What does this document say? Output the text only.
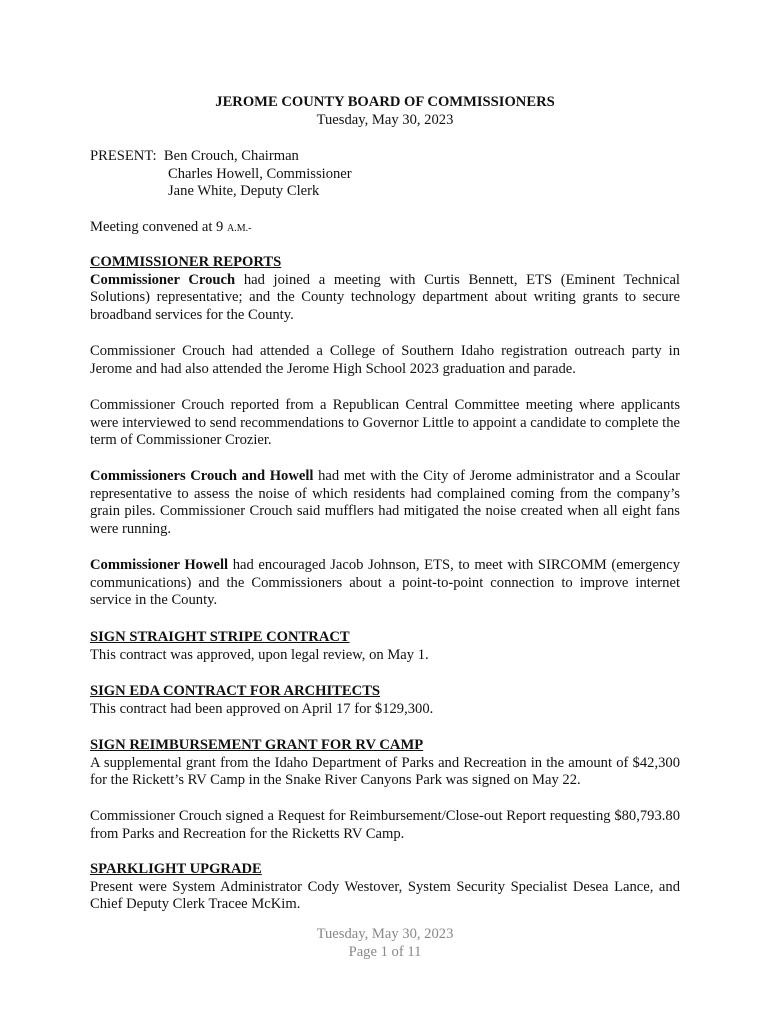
JEROME COUNTY BOARD OF COMMISSIONERS
Tuesday, May 30, 2023
PRESENT: Ben Crouch, Chairman
Charles Howell, Commissioner
Jane White, Deputy Clerk
Meeting convened at 9 A.M.-
COMMISSIONER REPORTS
Commissioner Crouch had joined a meeting with Curtis Bennett, ETS (Eminent Technical Solutions) representative; and the County technology department about writing grants to secure broadband services for the County.
Commissioner Crouch had attended a College of Southern Idaho registration outreach party in Jerome and had also attended the Jerome High School 2023 graduation and parade.
Commissioner Crouch reported from a Republican Central Committee meeting where applicants were interviewed to send recommendations to Governor Little to appoint a candidate to complete the term of Commissioner Crozier.
Commissioners Crouch and Howell had met with the City of Jerome administrator and a Scoular representative to assess the noise of which residents had complained coming from the company’s grain piles. Commissioner Crouch said mufflers had mitigated the noise created when all eight fans were running.
Commissioner Howell had encouraged Jacob Johnson, ETS, to meet with SIRCOMM (emergency communications) and the Commissioners about a point-to-point connection to improve internet service in the County.
SIGN STRAIGHT STRIPE CONTRACT
This contract was approved, upon legal review, on May 1.
SIGN EDA CONTRACT FOR ARCHITECTS
This contract had been approved on April 17 for $129,300.
SIGN REIMBURSEMENT GRANT FOR RV CAMP
A supplemental grant from the Idaho Department of Parks and Recreation in the amount of $42,300 for the Rickett’s RV Camp in the Snake River Canyons Park was signed on May 22.
Commissioner Crouch signed a Request for Reimbursement/Close-out Report requesting $80,793.80 from Parks and Recreation for the Ricketts RV Camp.
SPARKLIGHT UPGRADE
Present were System Administrator Cody Westover, System Security Specialist Desea Lance, and Chief Deputy Clerk Tracee McKim.
Tuesday, May 30, 2023
Page 1 of 11
